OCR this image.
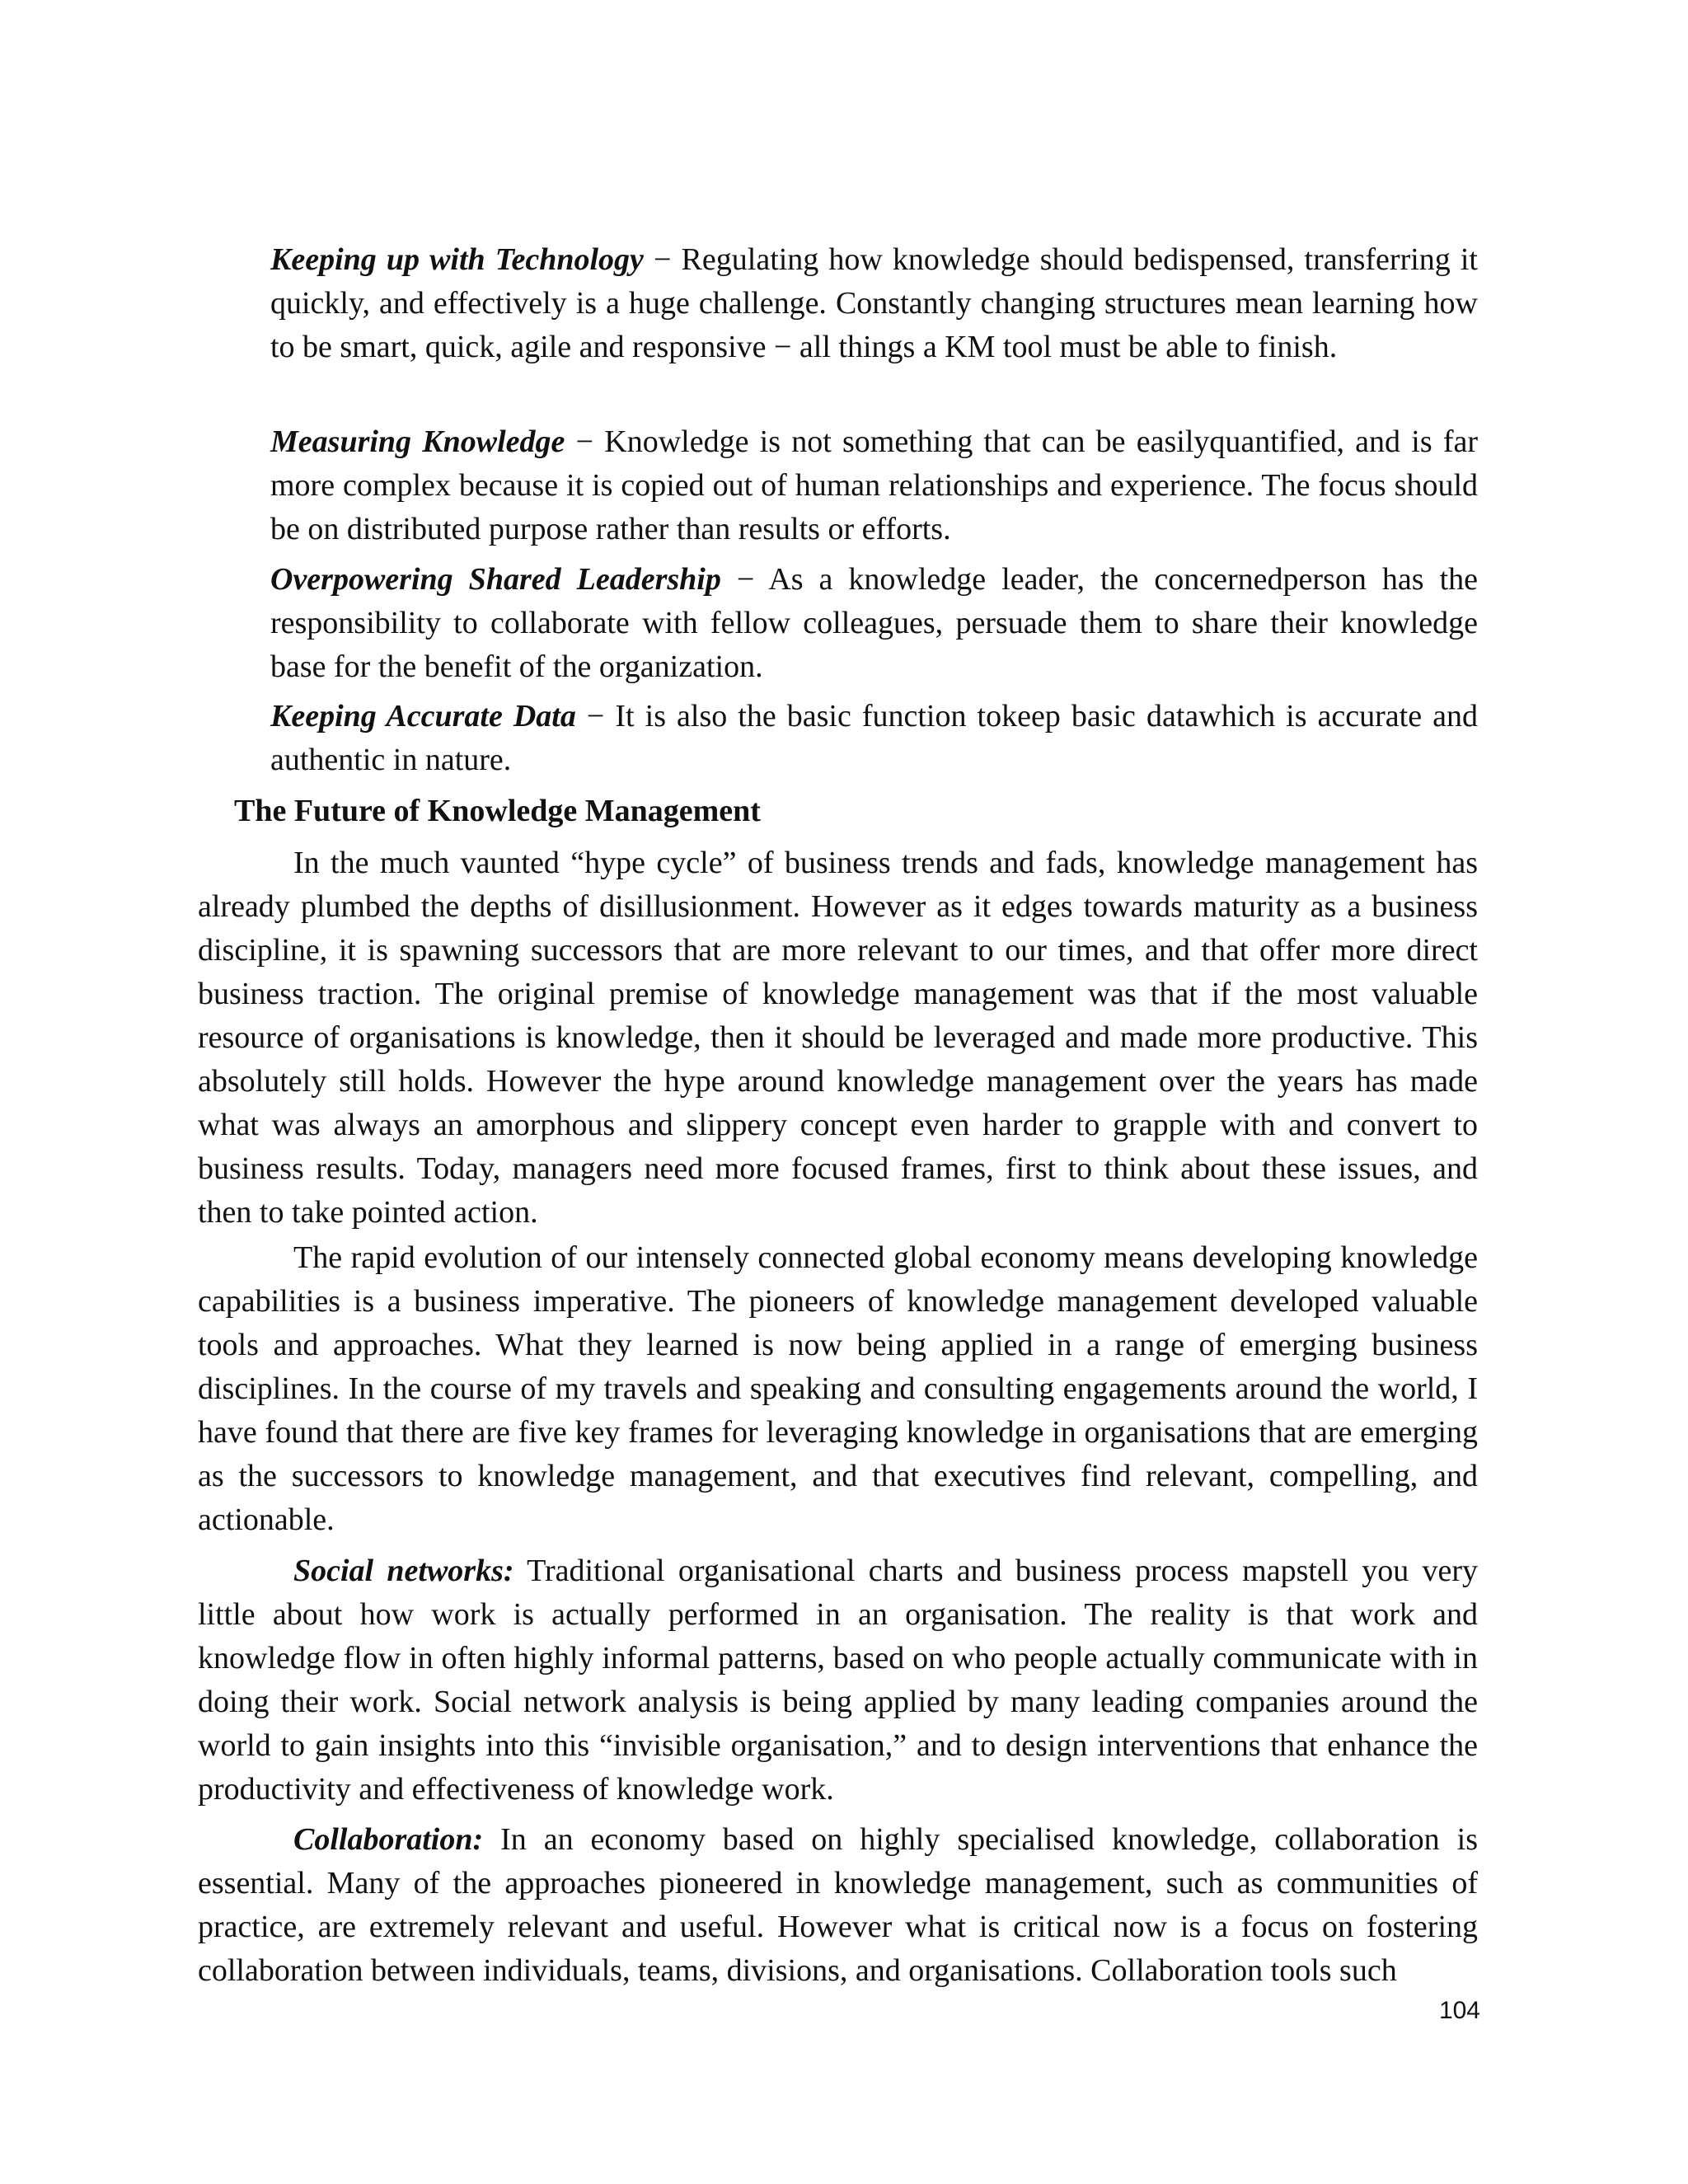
Keeping up with Technology − Regulating how knowledge should bedispensed, transferring it quickly, and effectively is a huge challenge. Constantly changing structures mean learning how to be smart, quick, agile and responsive − all things a KM tool must be able to finish.

Measuring Knowledge − Knowledge is not something that can be easilyquantified, and is far more complex because it is copied out of human relationships and experience. The focus should be on distributed purpose rather than results or efforts.

Overpowering Shared Leadership − As a knowledge leader, the concernedperson has the responsibility to collaborate with fellow colleagues, persuade them to share their knowledge base for the benefit of the organization.

Keeping Accurate Data − It is also the basic function tokeep basic datawhich is accurate and authentic in nature.

The Future of Knowledge Management

In the much vaunted “hype cycle” of business trends and fads, knowledge management has already plumbed the depths of disillusionment. However as it edges towards maturity as a business discipline, it is spawning successors that are more relevant to our times, and that offer more direct business traction. The original premise of knowledge management was that if the most valuable resource of organisations is knowledge, then it should be leveraged and made more productive. This absolutely still holds. However the hype around knowledge management over the years has made what was always an amorphous and slippery concept even harder to grapple with and convert to business results. Today, managers need more focused frames, first to think about these issues, and then to take pointed action.

The rapid evolution of our intensely connected global economy means developing knowledge capabilities is a business imperative. The pioneers of knowledge management developed valuable tools and approaches. What they learned is now being applied in a range of emerging business disciplines. In the course of my travels and speaking and consulting engagements around the world, I have found that there are five key frames for leveraging knowledge in organisations that are emerging as the successors to knowledge management, and that executives find relevant, compelling, and actionable.

Social networks: Traditional organisational charts and business process mapstell you very little about how work is actually performed in an organisation. The reality is that work and knowledge flow in often highly informal patterns, based on who people actually communicate with in doing their work. Social network analysis is being applied by many leading companies around the world to gain insights into this “invisible organisation,” and to design interventions that enhance the productivity and effectiveness of knowledge work.

Collaboration: In an economy based on highly specialised knowledge, collaboration is essential. Many of the approaches pioneered in knowledge management, such as communities of practice, are extremely relevant and useful. However what is critical now is a focus on fostering collaboration between individuals, teams, divisions, and organisations. Collaboration tools such

104
